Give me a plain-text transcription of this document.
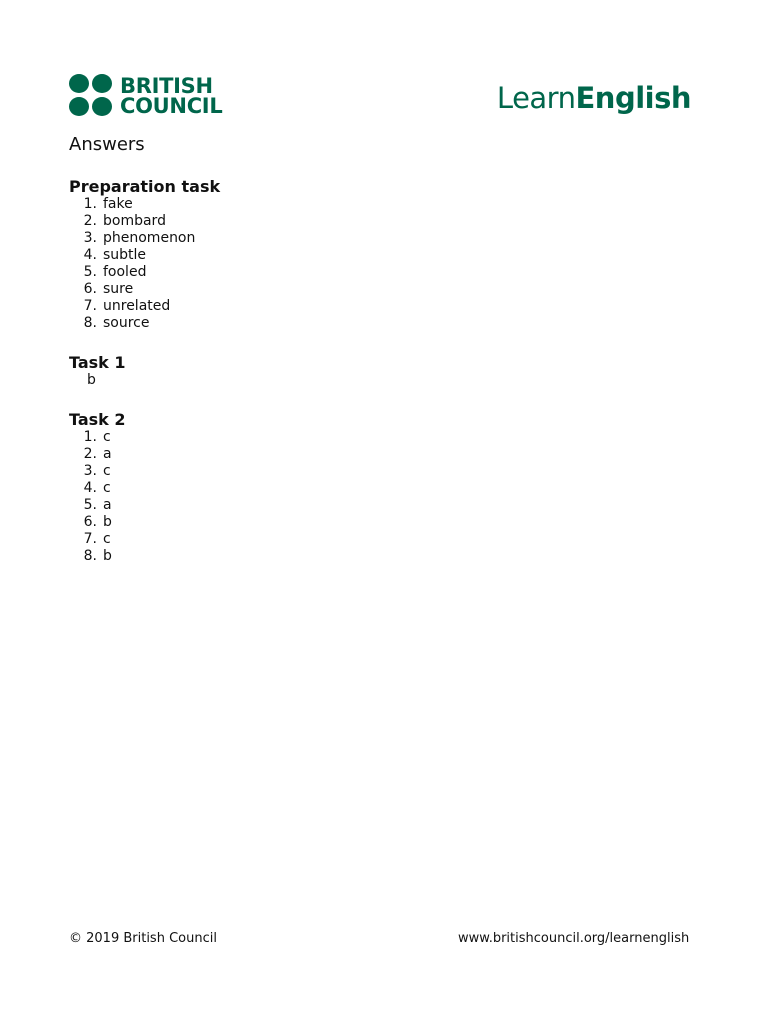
BRITISH
COUNCIL	LearnEnglish
Answers
Preparation task
1. fake
2. bombard
3. phenomenon
4. subtle
5. fooled
6. sure
7. unrelated
8. source
Task 1
b
Task 2
1. c
2. a
3. c
4. c
5. a
6. b
7. c
8. b
© 2019 British Council	www.britishcouncil.org/learnenglish
